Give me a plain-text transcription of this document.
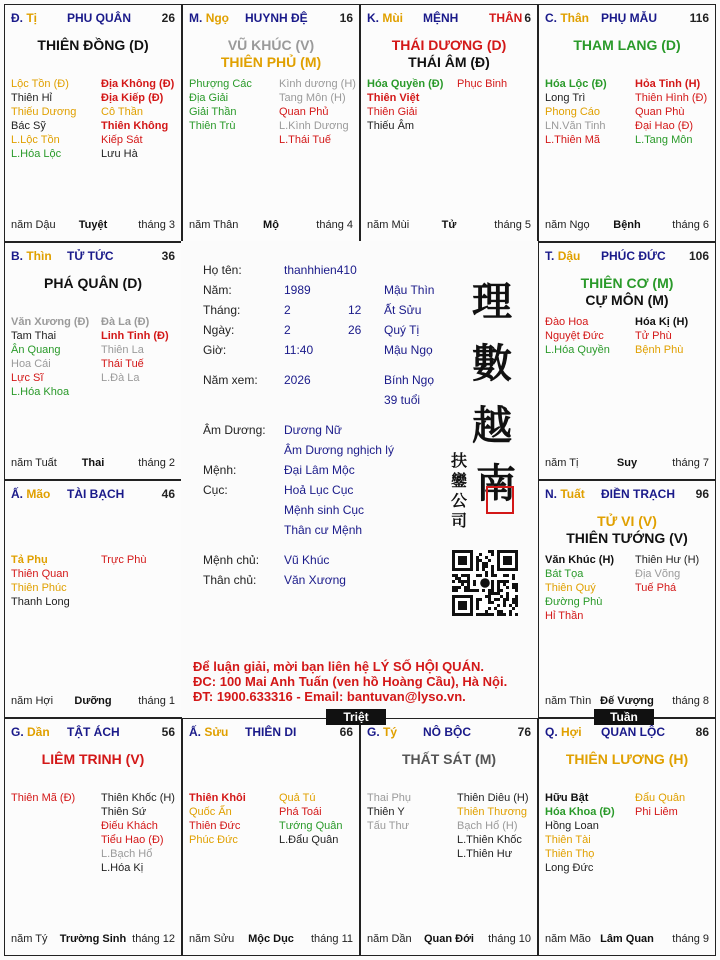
Đ. Tị PHU QUÂN	26
THIÊN ĐỒNG (D)
Lộc Tồn (Đ)
Thiên Hỉ
Thiếu Dương
Bác Sỹ
L.Lộc Tồn
L.Hóa Lộc
Địa Không (Đ)
Địa Kiếp (Đ)
Cô Thần
Thiên Không
Kiếp Sát
Lưu Hà
năm Dậu	Tuyệt	tháng 3
M. Ngọ HUYNH ĐỆ	16
VŨ KHÚC (V)
THIÊN PHỦ (M)
Phượng Các
Địa Giải
Giải Thần
Thiên Trù
Kình dương (H)
Tang Môn (H)
Quan Phủ
L.Kình Dương
L.Thái Tuế
năm Thân	Mộ	tháng 4
K. Mùi MỆNH	THÂN 6
THÁI DƯƠNG (D)
THÁI ÂM (Đ)
Hóa Quyền (Đ)
Thiên Việt
Thiên Giải
Thiếu Âm
Phục Binh
năm Mùi	Tử	tháng 5
C. Thân PHỤ MẪU	116
THAM LANG (D)
Hóa Lộc (Đ)
Long Trì
Phong Cáo
LN.Văn Tinh
L.Thiên Mã
Hỏa Tinh (H)
Thiên Hình (Đ)
Quan Phù
Đại Hao (Đ)
L.Tang Môn
năm Ngọ	Bệnh	tháng 6
B. Thìn TỬ TỨC	36
PHÁ QUÂN (D)
Văn Xương (Đ)
Tam Thai
Ân Quang
Hoa Cái
Lực Sĩ
L.Hóa Khoa
Đà La (Đ)
Linh Tinh (Đ)
Thiên La
Thái Tuế
L.Đà La
năm Tuất	Thai	tháng 2
T. Dậu PHÚC ĐỨC 106
THIÊN CƠ (M)
CỰ MÔN (M)
Đào Hoa
Nguyệt Đức
L.Hóa Quyền
Hóa Kị (H)
Tử Phù
Bệnh Phù
năm Tị	Suy	tháng 7
Ấ. Mão TÀI BẠCH	46
Tả Phụ
Thiên Quan
Thiên Phúc
Thanh Long
Trực Phù
năm Hợi	Dưỡng	tháng 1
N. Tuất ĐIỀN TRẠCH 96
TỬ VI (V)
THIÊN TƯỚNG (V)
Văn Khúc (H)
Bát Tọa
Thiên Quý
Đường Phù
Hỉ Thần
Thiên Hư (H)
Địa Võng
Tuế Phá
năm Thìn Đế Vượng	tháng 8
G. Dần TẬT ÁCH	56
LIÊM TRINH (V)
Thiên Mã (Đ)	Thiên Khốc (H)
Thiên Sứ
Điếu Khách
Tiểu Hao (Đ)
L.Bạch Hổ
L.Hóa Kị
năm Tý	Trường Sinh tháng 12
Ấ. Sửu THIÊN DI	66
Thiên Khôi
Quốc Ấn
Thiên Đức
Phúc Đức
Quả Tú
Phá Toái
Tướng Quân
L.Đẩu Quân
năm Sửu	Mộc Dục	tháng 11
G. Tý NÔ BỘC	76
THẤT SÁT (M)
Thai Phụ
Thiên Y
Tấu Thư
Thiên Diêu (H)
Thiên Thương
Bạch Hổ (H)
L.Thiên Khốc
L.Thiên Hư
năm Dần	Quan Đới	tháng 10
Q. Hợi QUAN LỘC	86
THIÊN LƯƠNG (H)
Hữu Bật
Hóa Khoa (Đ)
Hồng Loan
Thiên Tài
Thiên Thọ
Long Đức
Đẩu Quân
Phi Liêm
năm Mão Lâm Quan	tháng 9
Họ tên:	thanhhien410
Năm:	1989	Mậu Thìn
Tháng:	2	12 Ất Sửu
Ngày:	2	26 Quý Tị
Giờ:	11:40	Mậu Ngọ
Năm xem: 2026	Bính Ngọ
39 tuổi
Âm Dương: Dương Nữ
Âm Dương nghịch lý
Mệnh:	Đại Lâm Mộc
Cục:	Hoả Lục Cục
Mệnh sinh Cục
Thân cư Mệnh
Mệnh chủ: Vũ Khúc
Thân chủ: Văn Xương
理
數
越
南
扶
鑾
公
司
Để luận giải, mời bạn liên hệ LÝ SỐ HỘI QUÁN.
ĐC: 100 Mai Anh Tuấn (ven hồ Hoàng Cầu), Hà Nội.
ĐT: 1900.633316 - Email: bantuvan@lyso.vn.
Triệt	Tuần
